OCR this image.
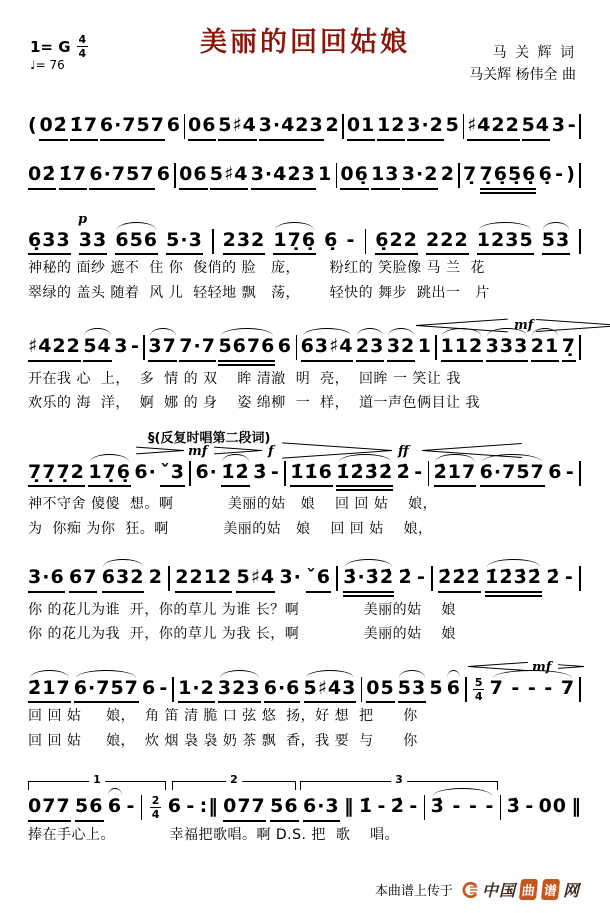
1= G $\frac{4}{4}$
♩= 76
美丽的回回姑娘	马 关 辉 词
马关辉 杨伟全 曲
( 02̇ 1̇7 6·757 6 06 5♯4 3·423 2 01 12 3·2 5 ♯422 54 3 -
02̇ 1̇7 6·757 6 06 5♯4 3·423 1 06̣ 13 3·2 2 7̣ 7̣6̣5̣6̣ 6̣ - )
p
6̣33 33 656 5·3 232 17̣6̣ 6̣ - 6̣22 222 1235 53
神秘的 面纱 遮不  住 你  俊俏的 脸   庞，      粉红的 笑脸像 马 兰  花
翠绿的 盖头 随着  风 儿  轻轻地 飘   荡，      轻快的 舞步  跳出一   片
mf
♯422 54 3 - 37 7·7 5676 6 63♯4 23 32 1 112 333 21 7̣
开在我 心  上，  多  情 的 双    眸 清澈  明  亮，  回眸 一 笑让 我
欢乐的 海  洋，  婀  娜 的 身    姿 绵柳  一  样，  道一声色俩目让 我
§(反复时唱第二段词)
mf	f	ff
7̣7̣7̣2 17̣6̣ 6· ˇ3 6· 1̇2̇ 3̇ - 1̇1̇6 1̇2̇3̇2̇ 2̇ - 2̇17 6·757 6 -
神不守舍 傻傻  想。啊           美丽的姑   娘    回 回 姑    娘，
为  你痴 为你  狂。啊           美丽的姑   娘    回 回 姑    娘，
3·6 67 632 2 2212 5♯4 3· ˇ6 3̇·3̇2̇ 2̇ - 2̇2̇2̇ 1̇2̇3̇2̇ 2̇ -
你 的花儿为谁  开，你的草儿 为谁 长？啊             美丽的姑    娘
你 的花儿为我  开，你的草儿 为我 长，啊             美丽的姑    娘
mf
2̇17 6·757 6 - 1·2 323 6·6 5♯43 05 53 5 $6 \frac{5}{4} 7$ - - - 7
回 回 姑     娘，  角 笛 清 脆 口 弦 悠  扬，好 想  把      你
回 回 姑     娘，  炊 烟 袅 袅 奶 茶 飘  香，我 要  与      你
1	2	3
077 56 $6 - \frac{2}{4} 6$ - :‖ 077 56 6·3 ‖ 1̇ - 2̇ - 3̇ - - - 3̇ - 00 ‖
捧在手心上。           幸福把歌唱。啊 D.S. 把  歌    唱。
本曲谱上传于 中国 曲 谱 网
